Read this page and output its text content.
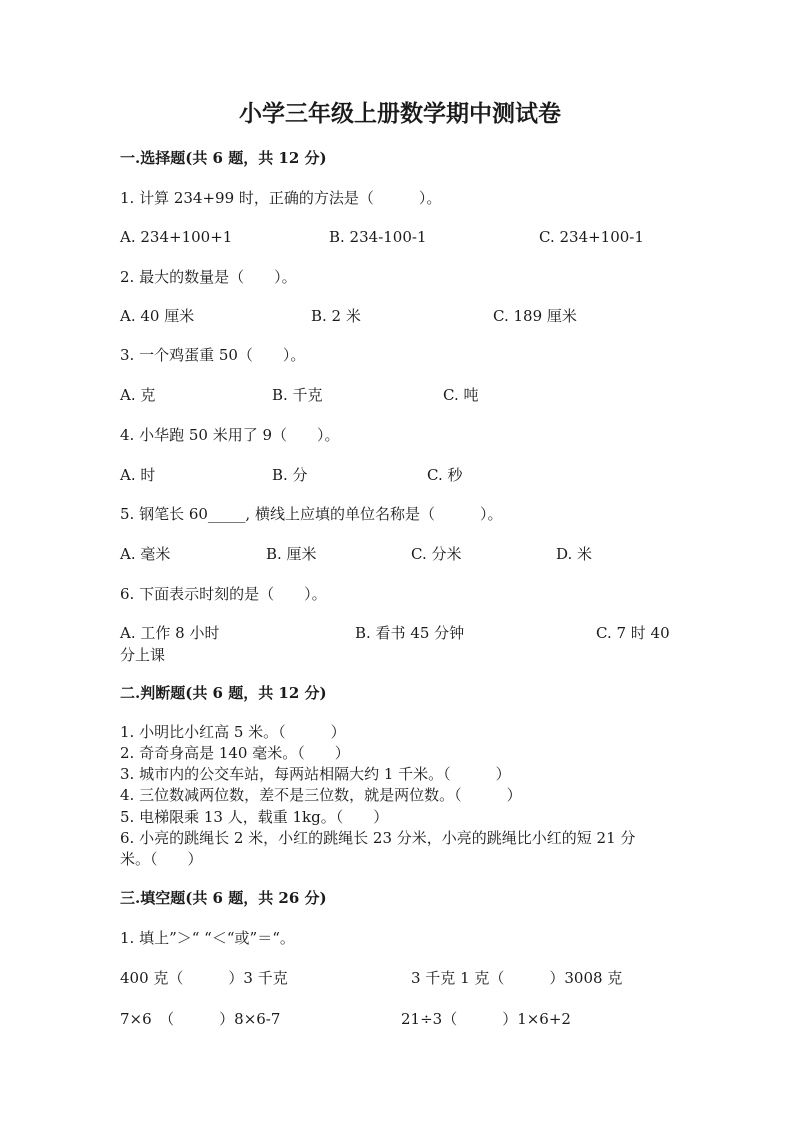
小学三年级上册数学期中测试卷
一.选择题(共 6 题，共 12 分)
1. 计算 234+99 时，正确的方法是（　　　）。
A. 234+100+1	B. 234-100-1	C. 234+100-1
2. 最大的数量是（　　）。
A. 40 厘米	B. 2 米	C. 189 厘米
3. 一个鸡蛋重 50（　　）。
A. 克	B. 千克	C. 吨
4. 小华跑 50 米用了 9（　　）。
A. 时	B. 分	C. 秒
5. 钢笔长 60_____, 横线上应填的单位名称是（　　　）。
A. 毫米	B. 厘米	C. 分米	D. 米
6. 下面表示时刻的是（　　）。
A. 工作 8 小时	B. 看书 45 分钟	C. 7 时 40
分上课
二.判断题(共 6 题，共 12 分)
1. 小明比小红高 5 米。（　　　）
2. 奇奇身高是 140 毫米。（　　）
3. 城市内的公交车站，每两站相隔大约 1 千米。（　　　）
4. 三位数减两位数，差不是三位数，就是两位数。（　　　）
5. 电梯限乘 13 人，载重 1kg。（　　）
6. 小亮的跳绳长 2 米，小红的跳绳长 23 分米，小亮的跳绳比小红的短 21 分
米。（　　）
三.填空题(共 6 题，共 26 分)
1. 填上”＞“ “＜“或”＝“。
400 克（　　　）3 千克	3 千克 1 克（　　　）3008 克
7×6　（　　　）8×6-7	21÷3（　　　）1×6+2
